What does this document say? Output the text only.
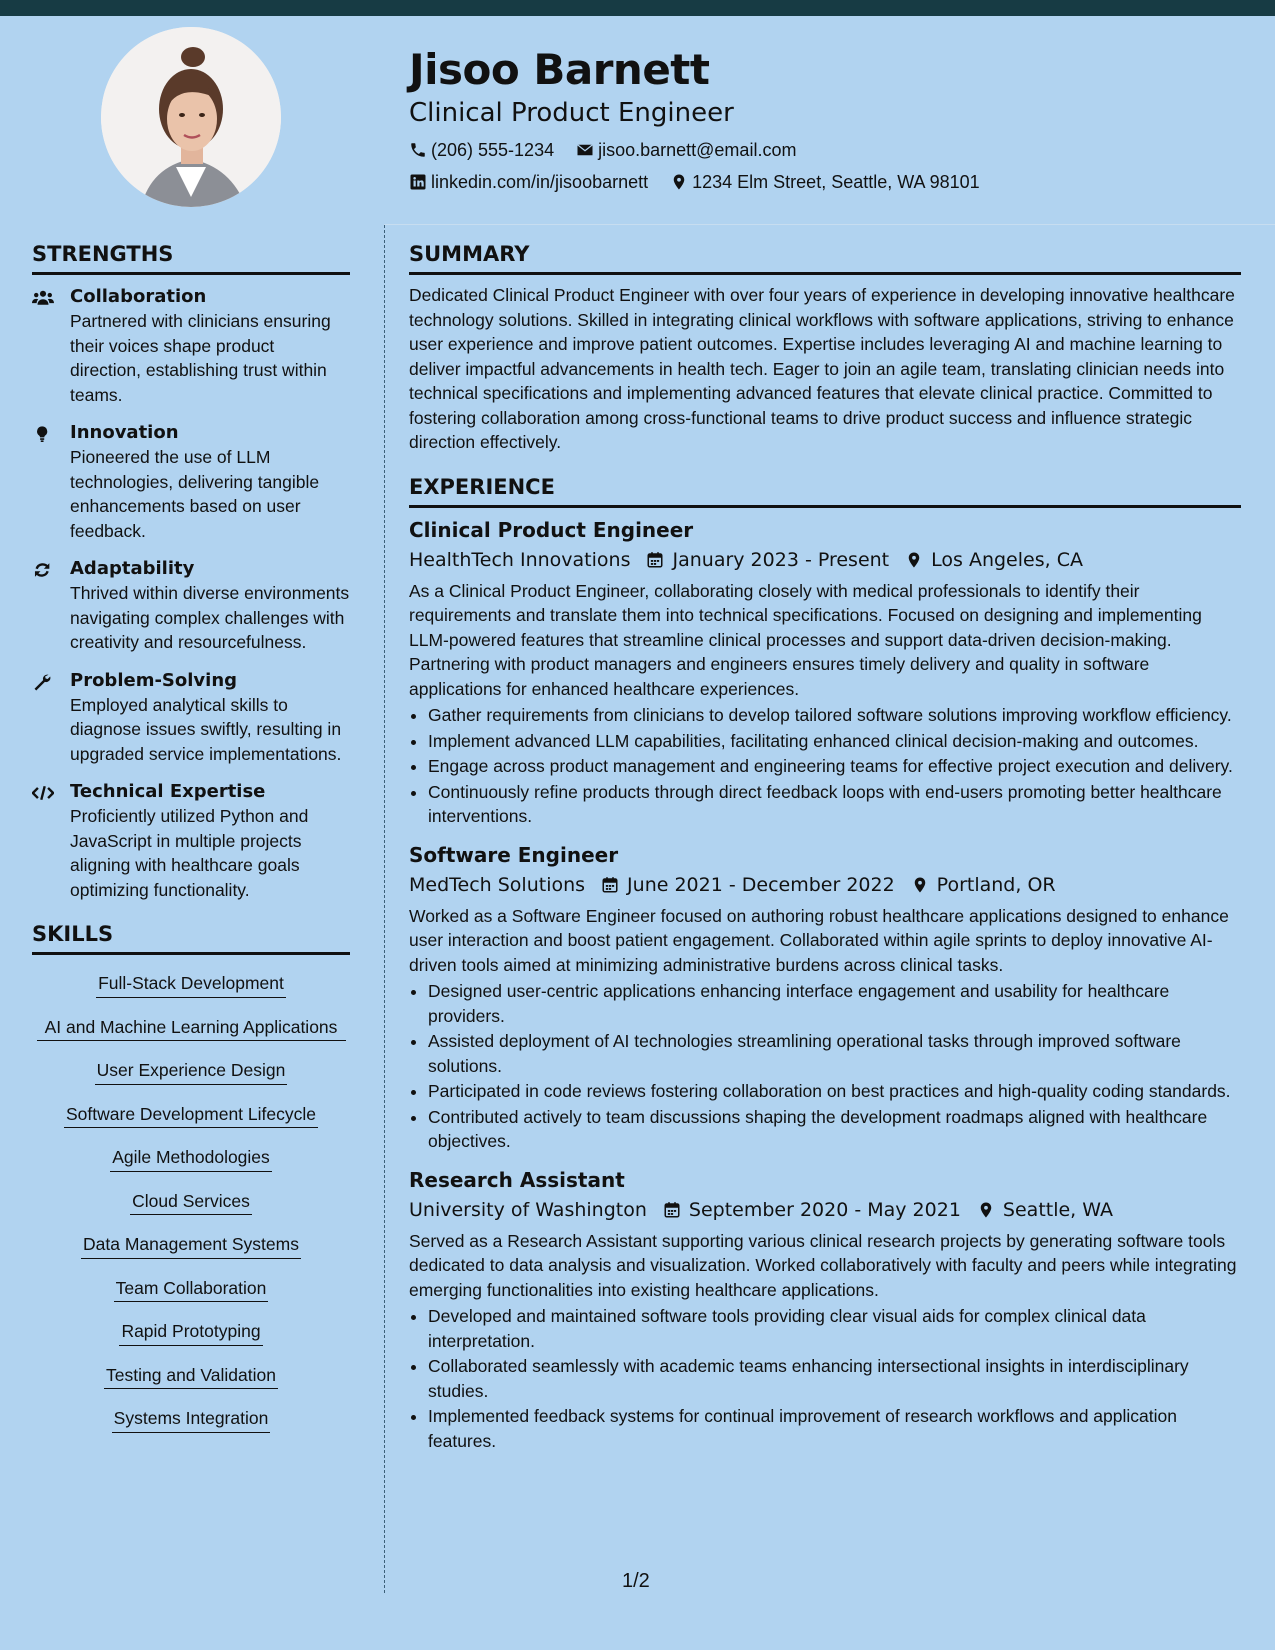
Jisoo Barnett
Clinical Product Engineer
(206) 555-1234 jisoo.barnett@email.com
linkedin.com/in/jisoobarnett 1234 Elm Street, Seattle, WA 98101
STRENGTHS
Collaboration
Partnered with clinicians ensuring their voices shape product direction, establishing trust within teams.
Innovation
Pioneered the use of LLM technologies, delivering tangible enhancements based on user feedback.
Adaptability
Thrived within diverse environments navigating complex challenges with creativity and resourcefulness.
Problem-Solving
Employed analytical skills to diagnose issues swiftly, resulting in upgraded service implementations.
Technical Expertise
Proficiently utilized Python and JavaScript in multiple projects aligning with healthcare goals optimizing functionality.
SKILLS
Full-Stack Development
AI and Machine Learning Applications
User Experience Design
Software Development Lifecycle
Agile Methodologies
Cloud Services
Data Management Systems
Team Collaboration
Rapid Prototyping
Testing and Validation
Systems Integration
SUMMARY

Dedicated Clinical Product Engineer with over four years of experience in developing innovative healthcare technology solutions. Skilled in integrating clinical workflows with software applications, striving to enhance user experience and improve patient outcomes. Expertise includes leveraging AI and machine learning to deliver impactful advancements in health tech. Eager to join an agile team, translating clinician needs into technical specifications and implementing advanced features that elevate clinical practice. Committed to fostering collaboration among cross-functional teams to drive product success and influence strategic direction effectively.

EXPERIENCE
Clinical Product Engineer
HealthTech Innovations January 2023 - Present Los Angeles, CA

As a Clinical Product Engineer, collaborating closely with medical professionals to identify their requirements and translate them into technical specifications. Focused on designing and implementing LLM-powered features that streamline clinical processes and support data-driven decision-making. Partnering with product managers and engineers ensures timely delivery and quality in software applications for enhanced healthcare experiences.

• Gather requirements from clinicians to develop tailored software solutions improving workflow efficiency.
• Implement advanced LLM capabilities, facilitating enhanced clinical decision-making and outcomes.
• Engage across product management and engineering teams for effective project execution and delivery.
• Continuously refine products through direct feedback loops with end-users promoting better healthcare interventions.
Software Engineer
MedTech Solutions June 2021 - December 2022 Portland, OR

Worked as a Software Engineer focused on authoring robust healthcare applications designed to enhance user interaction and boost patient engagement. Collaborated within agile sprints to deploy innovative AI-driven tools aimed at minimizing administrative burdens across clinical tasks.

• Designed user-centric applications enhancing interface engagement and usability for healthcare providers.
• Assisted deployment of AI technologies streamlining operational tasks through improved software solutions.
• Participated in code reviews fostering collaboration on best practices and high-quality coding standards.
• Contributed actively to team discussions shaping the development roadmaps aligned with healthcare objectives.
Research Assistant
University of Washington September 2020 - May 2021 Seattle, WA

Served as a Research Assistant supporting various clinical research projects by generating software tools dedicated to data analysis and visualization. Worked collaboratively with faculty and peers while integrating emerging functionalities into existing healthcare applications.

• Developed and maintained software tools providing clear visual aids for complex clinical data interpretation.
• Collaborated seamlessly with academic teams enhancing intersectional insights in interdisciplinary studies.
• Implemented feedback systems for continual improvement of research workflows and application features.
1/2
